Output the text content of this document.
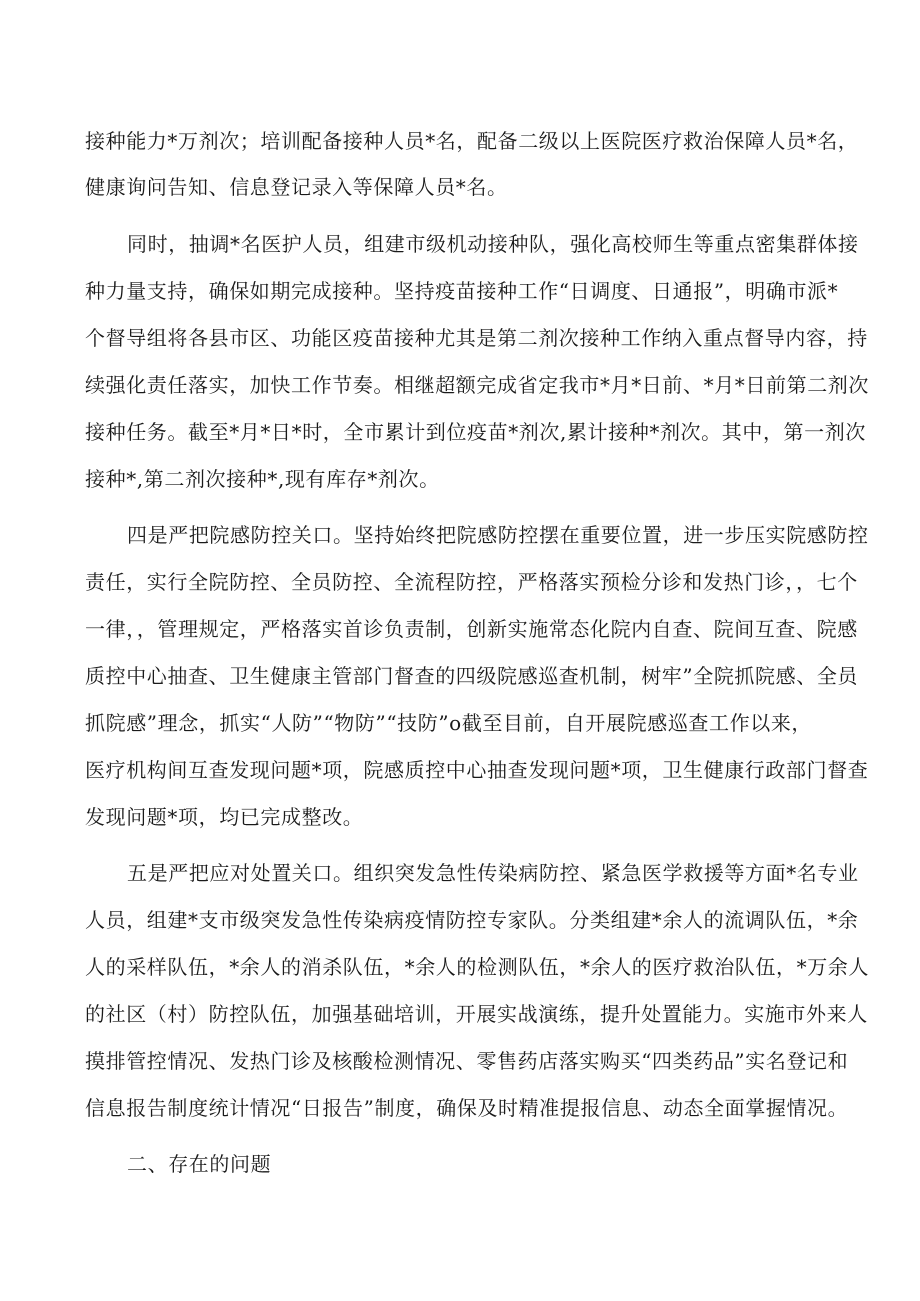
接种能力*万剂次；培训配备接种人员*名，配备二级以上医院医疗救治保障人员*名，
健康询问告知、信息登记录入等保障人员*名。
同时，抽调*名医护人员，组建市级机动接种队，强化高校师生等重点密集群体接
种力量支持，确保如期完成接种。坚持疫苗接种工作“日调度、日通报”，明确市派*
个督导组将各县市区、功能区疫苗接种尤其是第二剂次接种工作纳入重点督导内容，持
续强化责任落实，加快工作节奏。相继超额完成省定我市*月*日前、*月*日前第二剂次
接种任务。截至*月*日*时，全市累计到位疫苗*剂次,累计接种*剂次。其中，第一剂次
接种*,第二剂次接种*,现有库存*剂次。
四是严把院感防控关口。坚持始终把院感防控摆在重要位置，进一步压实院感防控
责任，实行全院防控、全员防控、全流程防控，严格落实预检分诊和发热门诊，，七个
一律，，管理规定，严格落实首诊负责制，创新实施常态化院内自查、院间互查、院感
质控中心抽查、卫生健康主管部门督查的四级院感巡查机制，树牢”全院抓院感、全员
抓院感”理念，抓实“人防”“物防”“技防”o截至目前，自开展院感巡查工作以来，
医疗机构间互查发现问题*项，院感质控中心抽查发现问题*项，卫生健康行政部门督查
发现问题*项，均已完成整改。
五是严把应对处置关口。组织突发急性传染病防控、紧急医学救援等方面*名专业
人员，组建*支市级突发急性传染病疫情防控专家队。分类组建*余人的流调队伍，*余
人的采样队伍，*余人的消杀队伍，*余人的检测队伍，*余人的医疗救治队伍，*万余人
的社区（村）防控队伍，加强基础培训，开展实战演练，提升处置能力。实施市外来人
摸排管控情况、发热门诊及核酸检测情况、零售药店落实购买“四类药品”实名登记和
信息报告制度统计情况“日报告”制度，确保及时精准提报信息、动态全面掌握情况。
二、存在的问题
